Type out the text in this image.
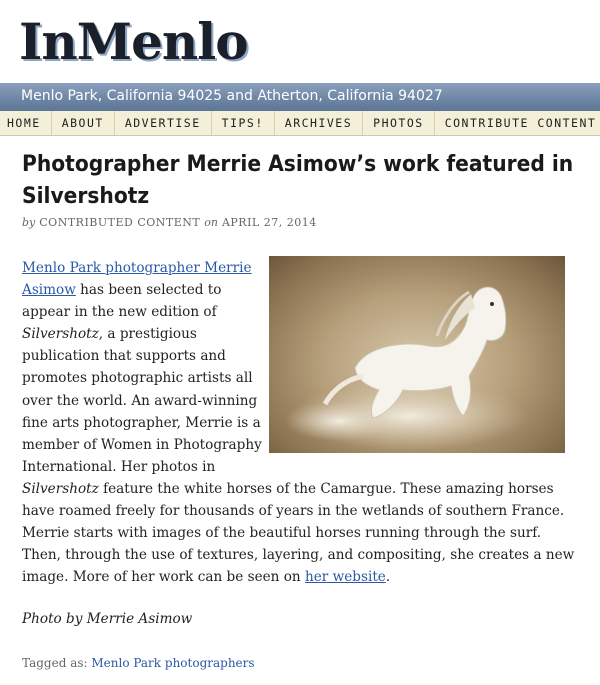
InMenlo
Menlo Park, California 94025 and Atherton, California 94027
HOME	ABOUT	ADVERTISE	TIPS!	ARCHIVES	PHOTOS	CONTRIBUTE CONTENT
Photographer Merrie Asimow’s work featured in Silvershotz
by CONTRIBUTED CONTENT on APRIL 27, 2014

Menlo Park photographer Merrie Asimow has been selected to appear in the new edition of Silvershotz, a prestigious publication that supports and promotes photographic artists all over the world. An award-winning fine arts photographer, Merrie is a member of Women in Photography International. Her photos in Silvershotz feature the white horses of the Camargue. These amazing horses have roamed freely for thousands of years in the wetlands of southern France. Merrie starts with images of the beautiful horses running through the surf. Then, through the use of textures, layering, and compositing, she creates a new image. More of her work can be seen on her website.

Photo by Merrie Asimow
Tagged as: Menlo Park photographers
